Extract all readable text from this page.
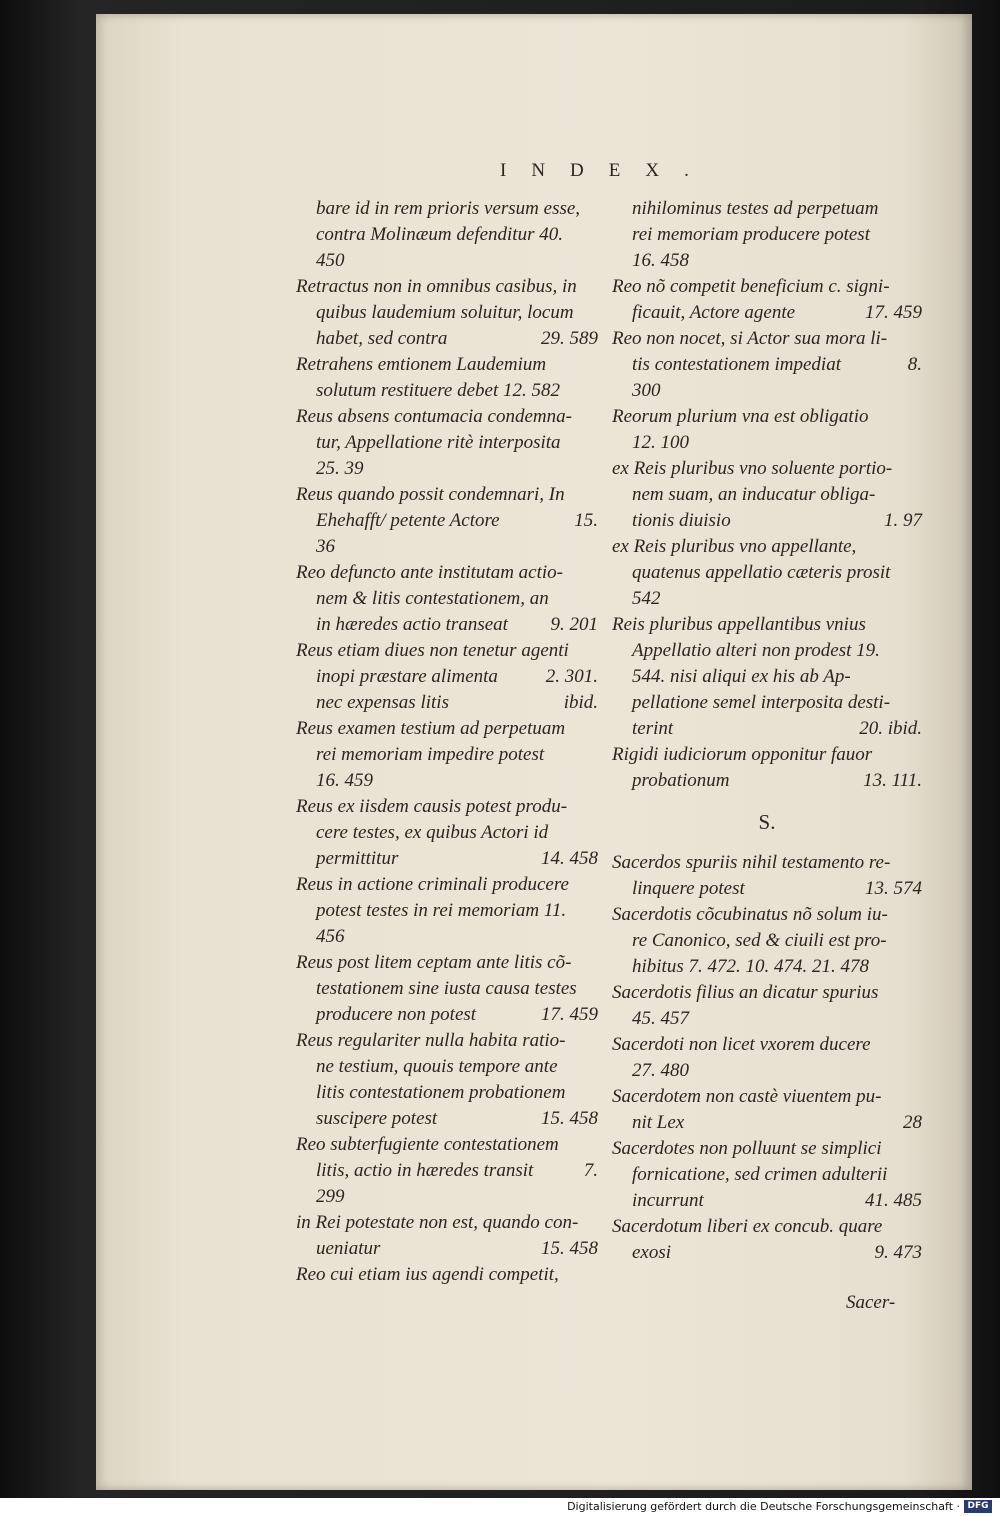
INDEX.
bare id in rem prioris versum esse,
contra Molinæum defenditur 40.
450
Retractus non in omnibus casibus, in
quibus laudemium soluitur, locum
habet, sed contra	29. 589
Retrahens emtionem Laudemium
solutum restituere debet 12. 582
Reus absens contumacia condemna-
tur, Appellatione ritè interposita
25. 39
Reus quando possit condemnari, In
Ehehafft/ petente Actore	15.
36
Reo defuncto ante institutam actio-
nem & litis contestationem, an
in hæredes actio transeat 9. 201
Reus etiam diues non tenetur agenti
inopi præstare alimenta	2. 301.
nec expensas litis	ibid.
Reus examen testium ad perpetuam
rei memoriam impedire potest
16. 459
Reus ex iisdem causis potest produ-
cere testes, ex quibus Actori id
permittitur	14. 458
Reus in actione criminali producere
potest testes in rei memoriam 11.
456
Reus post litem ceptam ante litis cõ-
testationem sine iusta causa testes
producere non potest	17. 459
Reus regulariter nulla habita ratio-
ne testium, quouis tempore ante
litis contestationem probationem
suscipere potest	15. 458
Reo subterfugiente contestationem
litis, actio in hæredes transit	7.
299
in Rei potestate non est, quando con-
ueniatur	15. 458
Reo cui etiam ius agendi competit,
nihilominus testes ad perpetuam
rei memoriam producere potest
16. 458
Reo nõ competit beneficium c. signi-
ficauit, Actore agente	17. 459
Reo non nocet, si Actor sua mora li-
tis contestationem impediat	8.
300
Reorum plurium vna est obligatio
12. 100
ex Reis pluribus vno soluente portio-
nem suam, an inducatur obliga-
tionis diuisio	1. 97
ex Reis pluribus vno appellante,
quatenus appellatio cæteris prosit
542
Reis pluribus appellantibus vnius
Appellatio alteri non prodest 19.
544. nisi aliqui ex his ab Ap-
pellatione semel interposita desti-
terint	20. ibid.
Rigidi iudiciorum opponitur fauor
probationum	13. 111.
S.
Sacerdos spuriis nihil testamento re-
linquere potest	13. 574
Sacerdotis cõcubinatus nõ solum iu-
re Canonico, sed & ciuili est pro-
hibitus 7. 472. 10. 474. 21. 478
Sacerdotis filius an dicatur spurius
45. 457
Sacerdoti non licet vxorem ducere
27. 480
Sacerdotem non castè viuentem pu-
nit Lex	28
Sacerdotes non polluunt se simplici
fornicatione, sed crimen adulterii
incurrunt	41. 485
Sacerdotum liberi ex concub. quare
exosi	9. 473
Sacer-
Digitalisierung gefördert durch die Deutsche Forschungsgemeinschaft · DFG
